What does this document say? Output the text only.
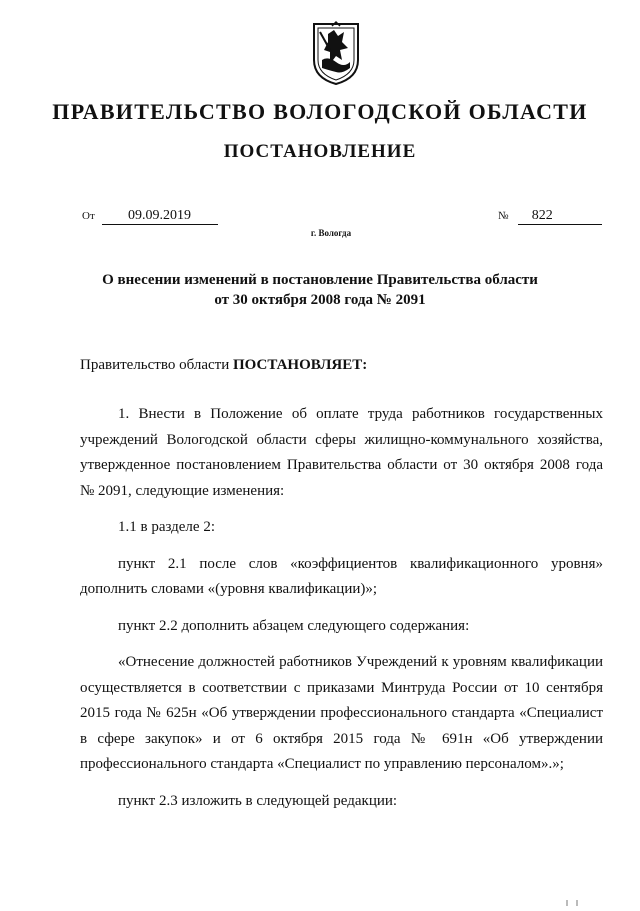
ПРАВИТЕЛЬСТВО ВОЛОГОДСКОЙ ОБЛАСТИ
ПОСТАНОВЛЕНИЕ
От 09.09.2019	№ 822
г. Вологда
О внесении изменений в постановление Правительства области
от 30 октября 2008 года № 2091
Правительство области ПОСТАНОВЛЯЕТ:

1. Внести в Положение об оплате труда работников государственных учреждений Вологодской области сферы жилищно-коммунального хозяйства, утвержденное постановлением Правительства области от 30 октября 2008 года № 2091, следующие изменения:

1.1 в разделе 2:

пункт 2.1 после слов «коэффициентов квалификационного уровня» дополнить словами «(уровня квалификации)»;

пункт 2.2 дополнить абзацем следующего содержания:

«Отнесение должностей работников Учреждений к уровням квалификации осуществляется в соответствии с приказами Минтруда России от 10 сентября 2015 года № 625н «Об утверждении профессионального стандарта «Специалист в сфере закупок» и от 6 октября 2015 года № 691н «Об утверждении профессионального стандарта «Специалист по управлению персоналом».»;

пункт 2.3 изложить в следующей редакции:
